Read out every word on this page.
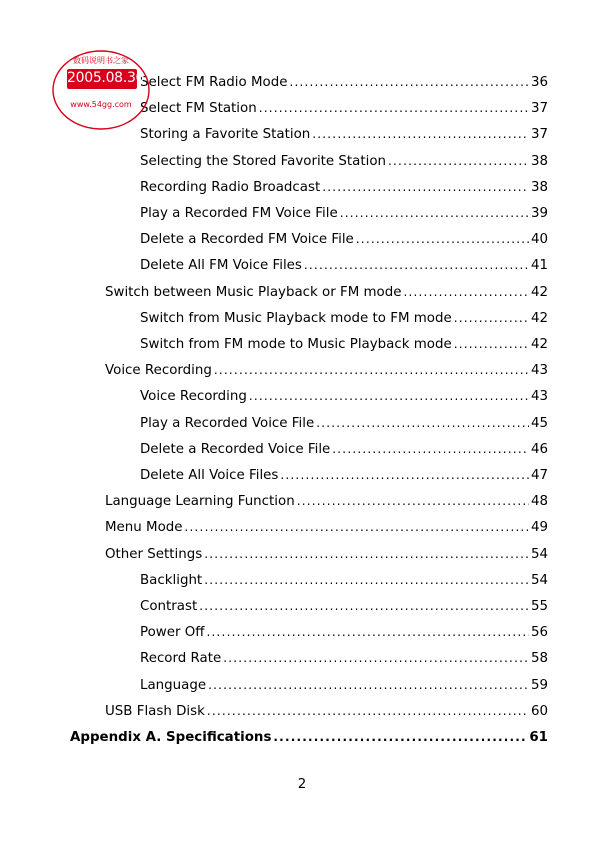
Select FM Radio Mode .....	36
Select FM Station .....	37
Storing a Favorite Station .....	37
Selecting the Stored Favorite Station .....	38
Recording Radio Broadcast .....	38
Play a Recorded FM Voice File .....	39
Delete a Recorded FM Voice File .....	40
Delete All FM Voice Files .....	41
Switch between Music Playback or FM mode .....	42
Switch from Music Playback mode to FM mode .....	42
Switch from FM mode to Music Playback mode .....	42
Voice Recording .....	43
Voice Recording .....	43
Play a Recorded Voice File .....	45
Delete a Recorded Voice File .....	46
Delete All Voice Files .....	47
Language Learning Function .....	48
Menu Mode .....	49
Other Settings .....	54
Backlight .....	54
Contrast .....	55
Power Off .....	56
Record Rate .....	58
Language .....	59
USB Flash Disk .....	60
Appendix A. Specifications .....	61
2
数码说明书之家
2005.08.30
www.54gg.com
